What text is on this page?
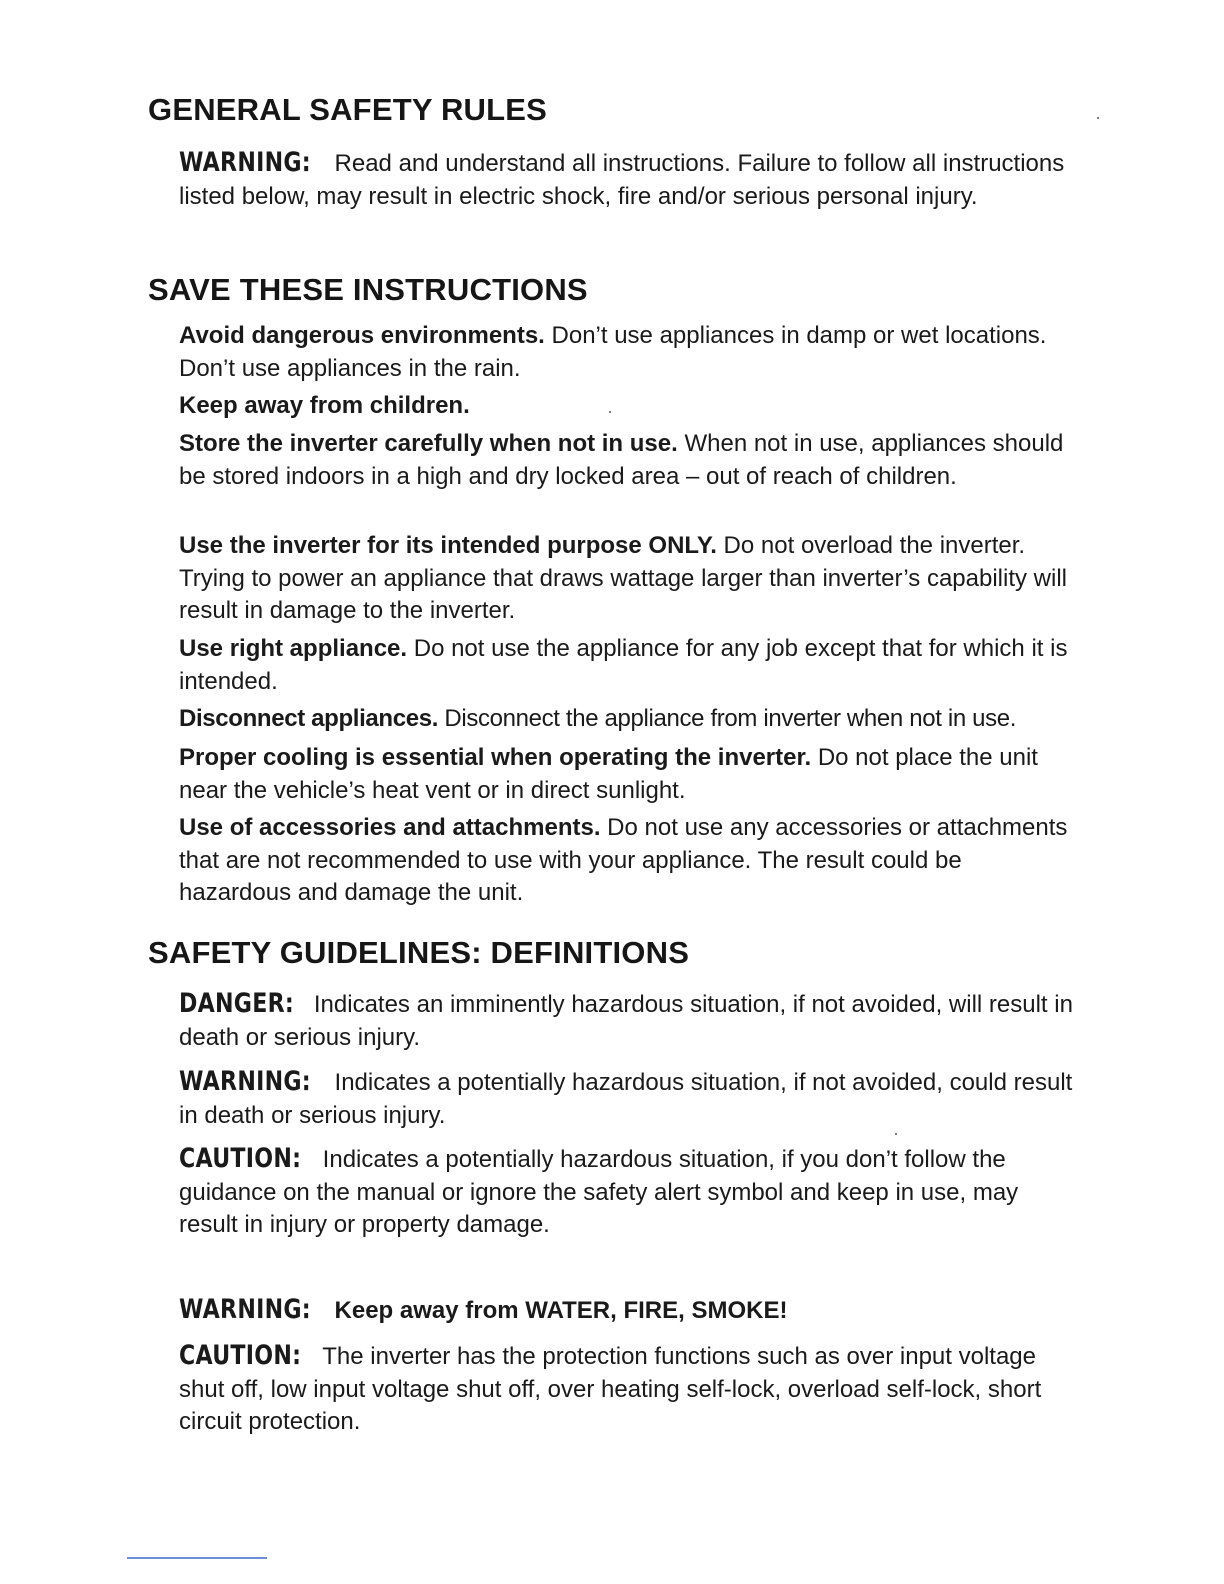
GENERAL SAFETY RULES

WARNING: Read and understand all instructions. Failure to follow all instructions listed below, may result in electric shock, fire and/or serious personal injury.

SAVE THESE INSTRUCTIONS

Avoid dangerous environments. Don’t use appliances in damp or wet locations. Don’t use appliances in the rain.

Keep away from children.

Store the inverter carefully when not in use. When not in use, appliances should be stored indoors in a high and dry locked area – out of reach of children.

Use the inverter for its intended purpose ONLY. Do not overload the inverter. Trying to power an appliance that draws wattage larger than inverter’s capability will result in damage to the inverter.

Use right appliance. Do not use the appliance for any job except that for which it is intended.

Disconnect appliances. Disconnect the appliance from inverter when not in use.

Proper cooling is essential when operating the inverter. Do not place the unit near the vehicle’s heat vent or in direct sunlight.

Use of accessories and attachments. Do not use any accessories or attachments that are not recommended to use with your appliance. The result could be hazardous and damage the unit.

SAFETY GUIDELINES: DEFINITIONS

DANGER: Indicates an imminently hazardous situation, if not avoided, will result in death or serious injury.

WARNING: Indicates a potentially hazardous situation, if not avoided, could result in death or serious injury.

CAUTION: Indicates a potentially hazardous situation, if you don’t follow the guidance on the manual or ignore the safety alert symbol and keep in use, may result in injury or property damage.

WARNING: Keep away from WATER, FIRE, SMOKE!

CAUTION: The inverter has the protection functions such as over input voltage shut off, low input voltage shut off, over heating self-lock, overload self-lock, short circuit protection.
